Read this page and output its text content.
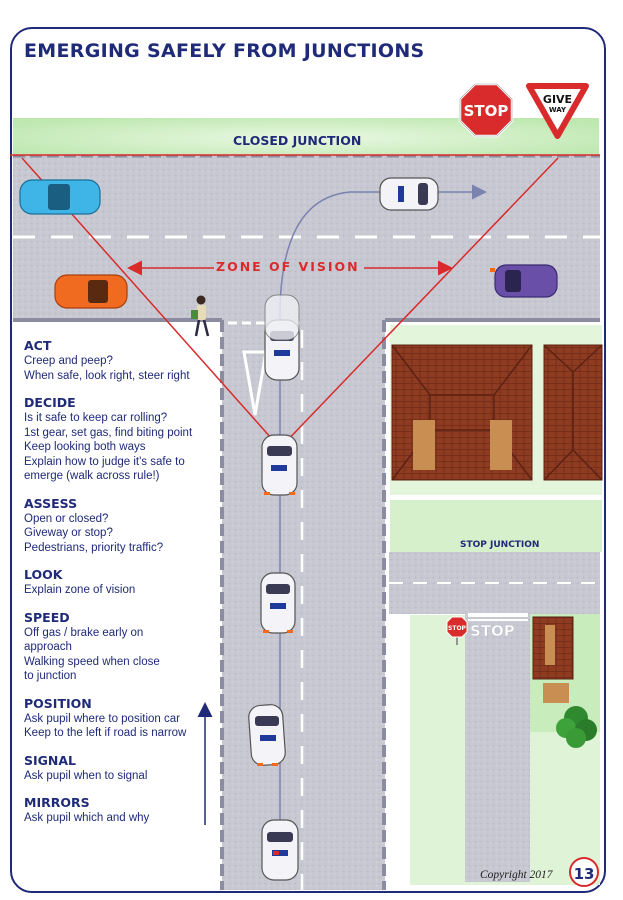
STOP
STOP
GIVE
WAY
STOP
EMERGING SAFELY FROM JUNCTIONS
CLOSED JUNCTION
ZONE OF VISION
STOP JUNCTION
ACT
Creep and peep?
When safe, look right, steer right
DECIDE
Is it safe to keep car rolling?
1st gear, set gas, find biting point
Keep looking both ways
Explain how to judge it's safe to
emerge (walk across rule!)
ASSESS
Open or closed?
Giveway or stop?
Pedestrians, priority traffic?
LOOK
Explain zone of vision
SPEED
Off gas / brake early on
approach
Walking speed when close
to junction
POSITION
Ask pupil where to position car
Keep to the left if road is narrow
SIGNAL
Ask pupil when to signal
MIRRORS
Ask pupil which and why
Copyright 2017	13
